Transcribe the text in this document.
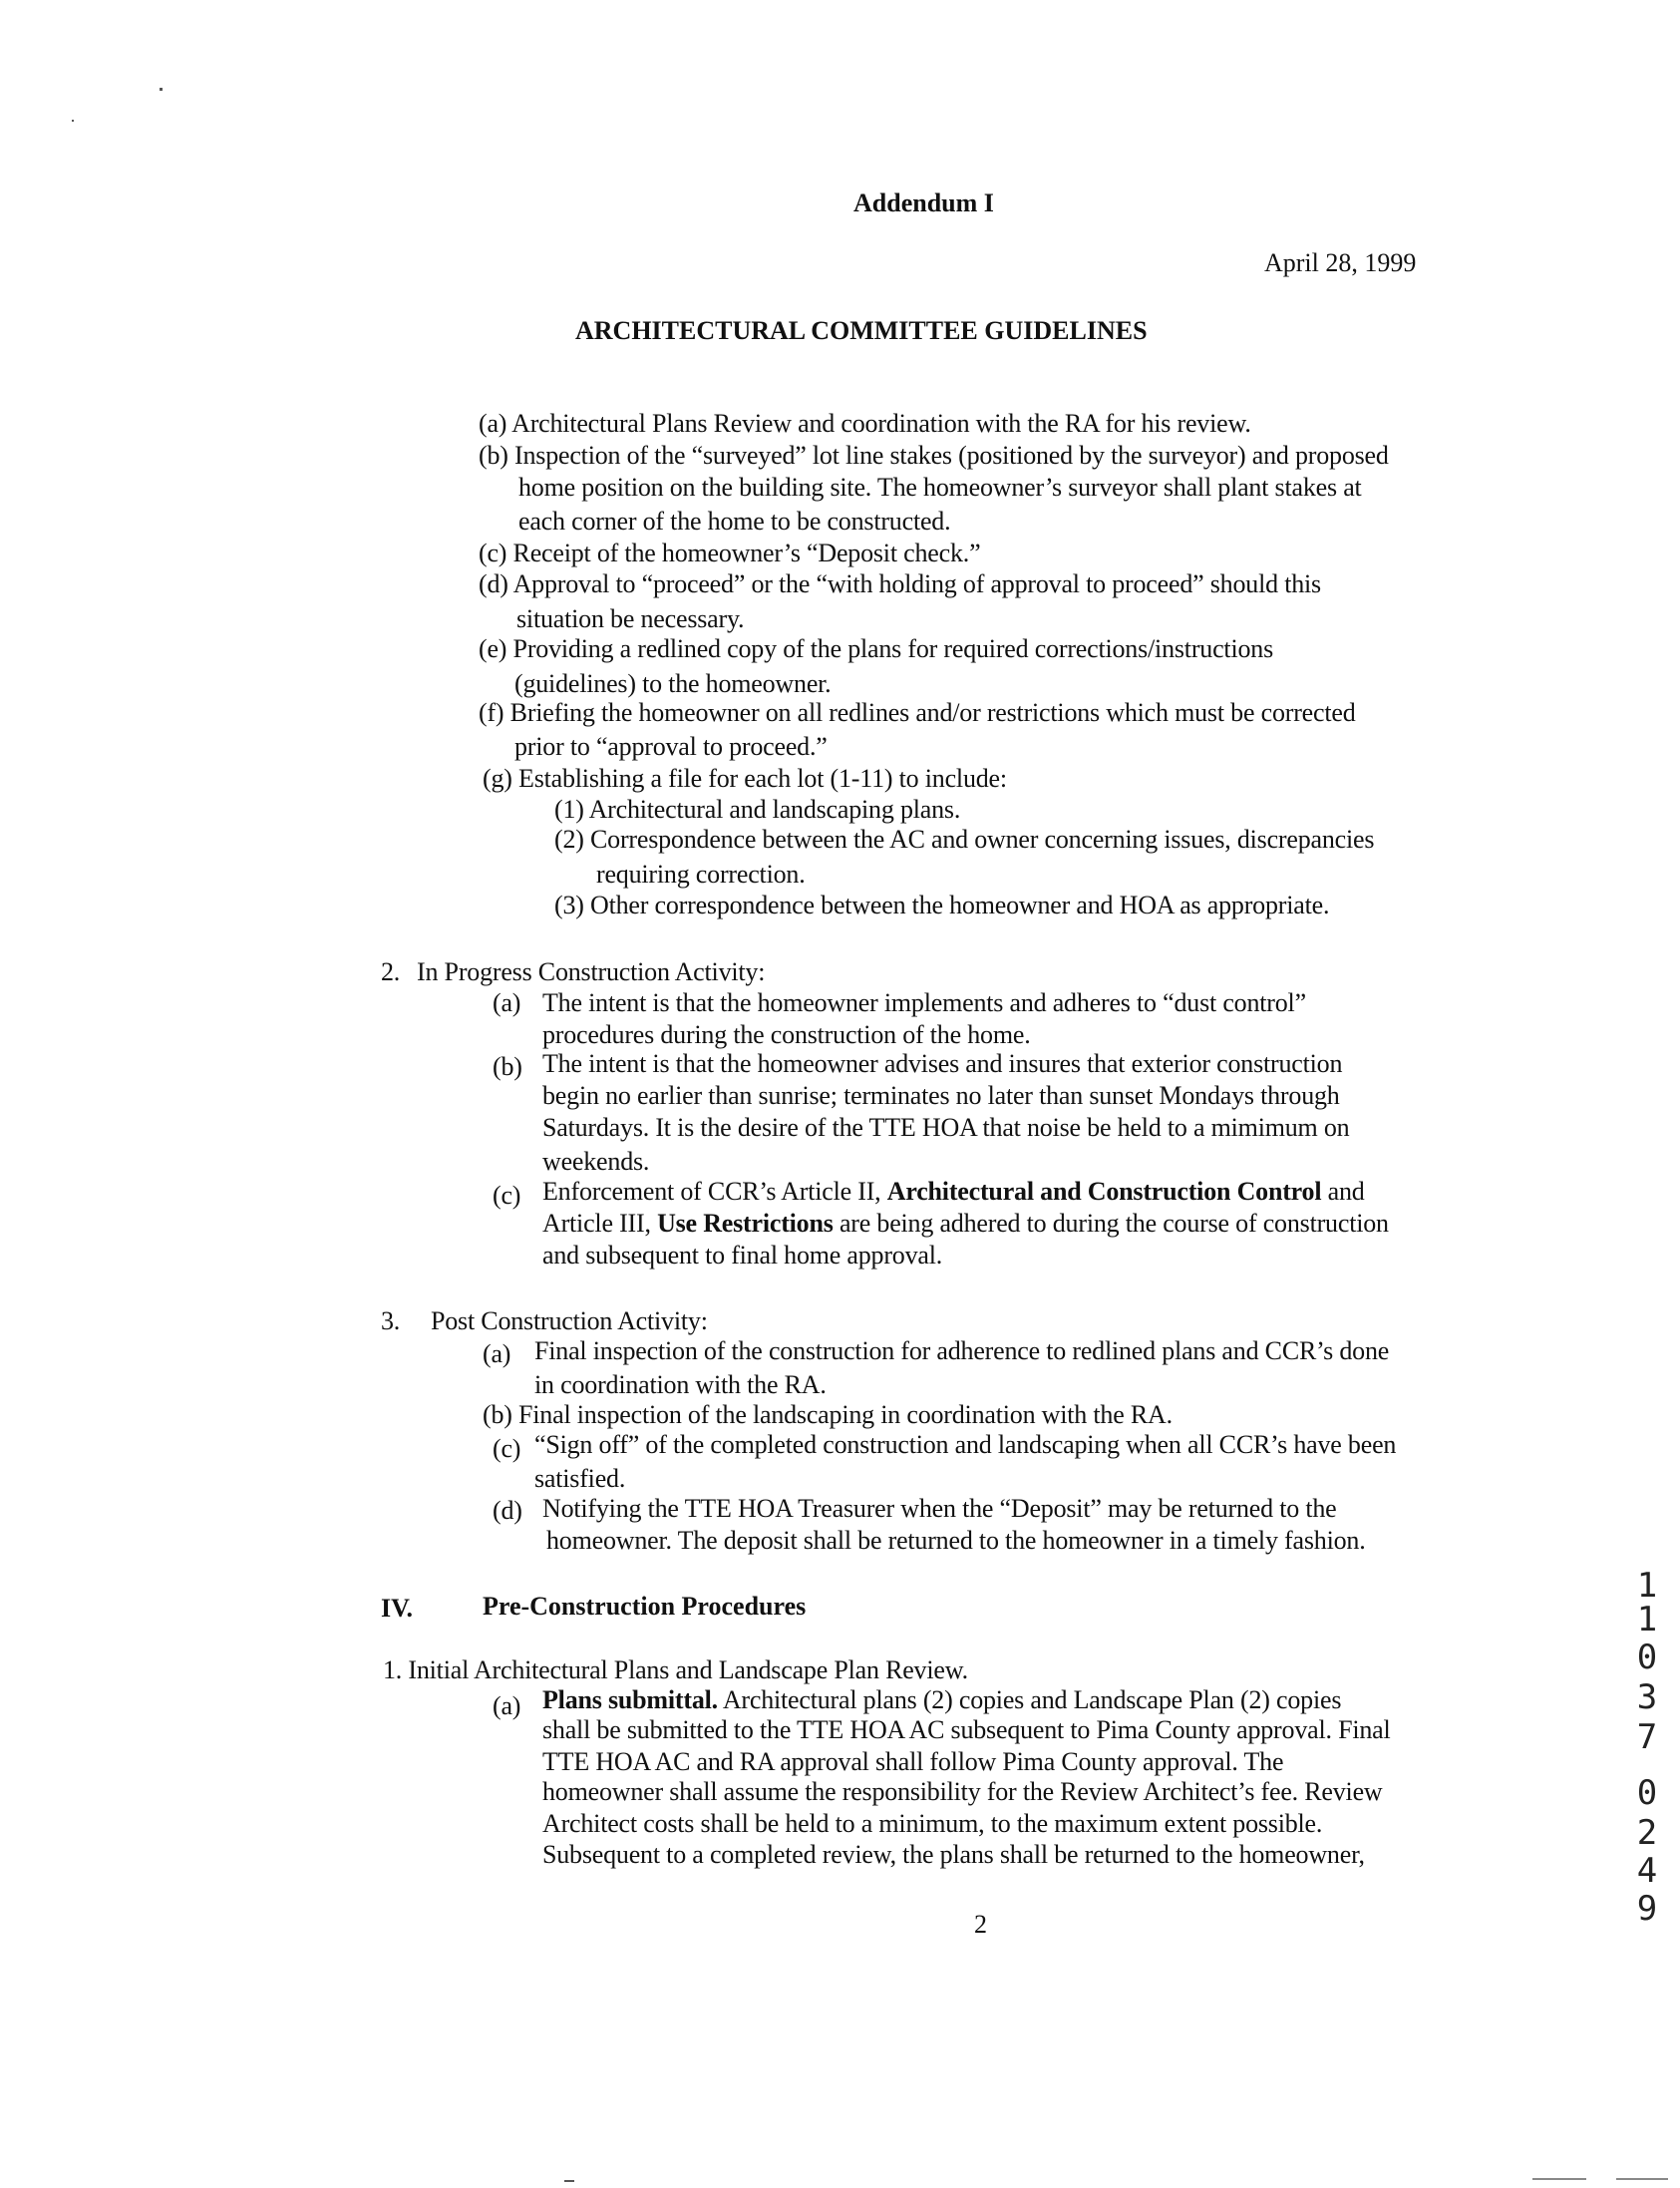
Addendum I
April 28, 1999
ARCHITECTURAL COMMITTEE GUIDELINES
(a) Architectural Plans Review and coordination with the RA for his review.
(b) Inspection of the “surveyed” lot line stakes (positioned by the surveyor) and proposed
home position on the building site. The homeowner’s surveyor shall plant stakes at
each corner of the home to be constructed.
(c) Receipt of the homeowner’s “Deposit check.”
(d) Approval to “proceed” or the “with holding of approval to proceed” should this
situation be necessary.
(e) Providing a redlined copy of the plans for required corrections/instructions
(guidelines) to the homeowner.
(f) Briefing the homeowner on all redlines and/or restrictions which must be corrected
prior to “approval to proceed.”
(g) Establishing a file for each lot (1-11) to include:
(1) Architectural and landscaping plans.
(2) Correspondence between the AC and owner concerning issues, discrepancies
requiring correction.
(3) Other correspondence between the homeowner and HOA as appropriate.
2. In Progress Construction Activity:
(a) The intent is that the homeowner implements and adheres to “dust control”
procedures during the construction of the home.
(b) The intent is that the homeowner advises and insures that exterior construction
begin no earlier than sunrise; terminates no later than sunset Mondays through
Saturdays. It is the desire of the TTE HOA that noise be held to a mimimum on
weekends.
(c) Enforcement of CCR’s Article II, Architectural and Construction Control and
Article III, Use Restrictions are being adhered to during the course of construction
and subsequent to final home approval.
3. Post Construction Activity:
(a) Final inspection of the construction for adherence to redlined plans and CCR’s done
in coordination with the RA.
(b) Final inspection of the landscaping in coordination with the RA.
(c) “Sign off” of the completed construction and landscaping when all CCR’s have been
satisfied.
(d) Notifying the TTE HOA Treasurer when the “Deposit” may be returned to the
homeowner. The deposit shall be returned to the homeowner in a timely fashion.
IV.	Pre-Construction Procedures
1. Initial Architectural Plans and Landscape Plan Review.
(a) Plans submittal. Architectural plans (2) copies and Landscape Plan (2) copies
shall be submitted to the TTE HOA AC subsequent to Pima County approval. Final
TTE HOA AC and RA approval shall follow Pima County approval. The
homeowner shall assume the responsibility for the Review Architect’s fee. Review
Architect costs shall be held to a minimum, to the maximum extent possible.
Subsequent to a completed review, the plans shall be returned to the homeowner,
2
1
1
0
3
7
0
2
4
9
